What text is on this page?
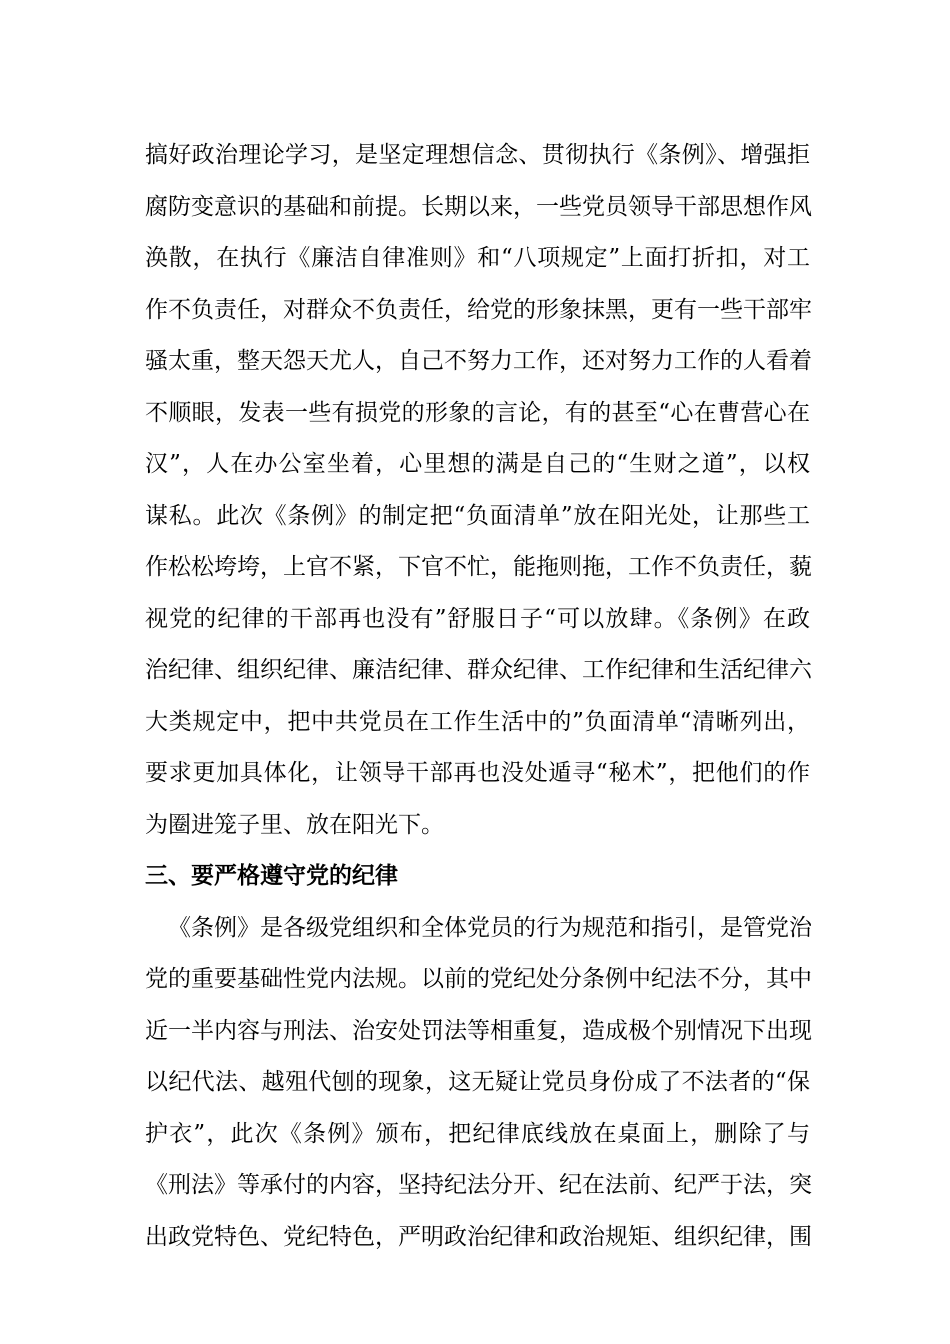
搞好政治理论学习，是坚定理想信念、贯彻执行《条例》、增强拒
腐防变意识的基础和前提。长期以来，一些党员领导干部思想作风
涣散，在执行《廉洁自律准则》和“八项规定”上面打折扣，对工
作不负责任，对群众不负责任，给党的形象抹黑，更有一些干部牢
骚太重，整天怨天尤人，自己不努力工作，还对努力工作的人看着
不顺眼，发表一些有损党的形象的言论，有的甚至“心在曹营心在
汉”，人在办公室坐着，心里想的满是自己的“生财之道”，以权
谋私。此次《条例》的制定把“负面清单”放在阳光处，让那些工
作松松垮垮，上官不紧，下官不忙，能拖则拖，工作不负责任，藐
视党的纪律的干部再也没有”舒服日子“可以放肆。《条例》在政
治纪律、组织纪律、廉洁纪律、群众纪律、工作纪律和生活纪律六
大类规定中，把中共党员在工作生活中的”负面清单“清晰列出，
要求更加具体化，让领导干部再也没处遁寻“秘术”，把他们的作
为圈进笼子里、放在阳光下。
三、要严格遵守党的纪律
《条例》是各级党组织和全体党员的行为规范和指引，是管党治
党的重要基础性党内法规。以前的党纪处分条例中纪法不分，其中
近一半内容与刑法、治安处罚法等相重复，造成极个别情况下出现
以纪代法、越殂代刨的现象，这无疑让党员身份成了不法者的“保
护衣”，此次《条例》颁布，把纪律底线放在桌面上，删除了与
《刑法》等承付的内容，坚持纪法分开、纪在法前、纪严于法，突
出政党特色、党纪特色，严明政治纪律和政治规矩、组织纪律，围
